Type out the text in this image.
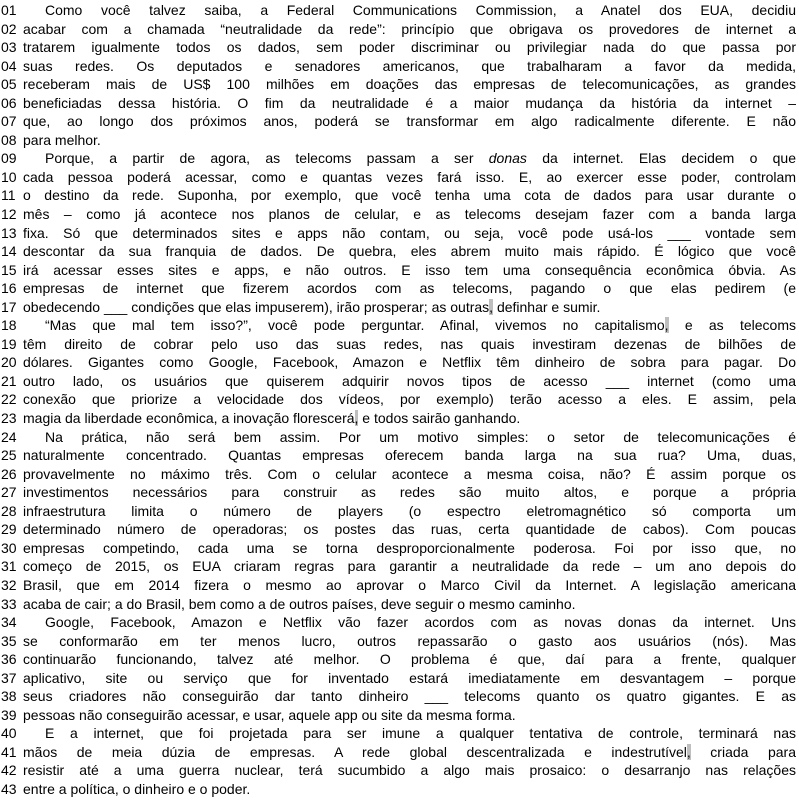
01	Como você talvez saiba, a Federal Communications Commission, a Anatel dos EUA, decidiu
02 acabar com a chamada “neutralidade da rede”: princípio que obrigava os provedores de internet a
03 tratarem igualmente todos os dados, sem poder discriminar ou privilegiar nada do que passa por
04 suas redes. Os deputados e senadores americanos, que trabalharam a favor da medida,
05 receberam mais de US$ 100 milhões em doações das empresas de telecomunicações, as grandes
06 beneficiadas dessa história. O fim da neutralidade é a maior mudança da história da internet –
07 que, ao longo dos próximos anos, poderá se transformar em algo radicalmente diferente. E não
08 para melhor.
09	Porque, a partir de agora, as telecoms passam a ser donas da internet. Elas decidem o que
10 cada pessoa poderá acessar, como e quantas vezes fará isso. E, ao exercer esse poder, controlam
11 o destino da rede. Suponha, por exemplo, que você tenha uma cota de dados para usar durante o
12 mês – como já acontece nos planos de celular, e as telecoms desejam fazer com a banda larga
13 fixa. Só que determinados sites e apps não contam, ou seja, você pode usá-los ___ vontade sem
14 descontar da sua franquia de dados. De quebra, eles abrem muito mais rápido. É lógico que você
15 irá acessar esses sites e apps, e não outros. E isso tem uma consequência econômica óbvia. As
16 empresas de internet que fizerem acordos com as telecoms, pagando o que elas pedirem (e
17 obedecendo ___ condições que elas impuserem), irão prosperar; as outras, definhar e sumir.
18	“Mas que mal tem isso?”, você pode perguntar. Afinal, vivemos no capitalismo, e as telecoms
19 têm direito de cobrar pelo uso das suas redes, nas quais investiram dezenas de bilhões de
20 dólares. Gigantes como Google, Facebook, Amazon e Netflix têm dinheiro de sobra para pagar. Do
21 outro lado, os usuários que quiserem adquirir novos tipos de acesso ___ internet (como uma
22 conexão que priorize a velocidade dos vídeos, por exemplo) terão acesso a eles. E assim, pela
23 magia da liberdade econômica, a inovação florescerá, e todos sairão ganhando.
24	Na prática, não será bem assim. Por um motivo simples: o setor de telecomunicações é
25 naturalmente concentrado. Quantas empresas oferecem banda larga na sua rua? Uma, duas,
26 provavelmente no máximo três. Com o celular acontece a mesma coisa, não? É assim porque os
27 investimentos necessários para construir as redes são muito altos, e porque a própria
28 infraestrutura limita o número de players (o espectro eletromagnético só comporta um
29 determinado número de operadoras; os postes das ruas, certa quantidade de cabos). Com poucas
30 empresas competindo, cada uma se torna desproporcionalmente poderosa. Foi por isso que, no
31 começo de 2015, os EUA criaram regras para garantir a neutralidade da rede – um ano depois do
32 Brasil, que em 2014 fizera o mesmo ao aprovar o Marco Civil da Internet. A legislação americana
33 acaba de cair; a do Brasil, bem como a de outros países, deve seguir o mesmo caminho.
34	Google, Facebook, Amazon e Netflix vão fazer acordos com as novas donas da internet. Uns
35 se conformarão em ter menos lucro, outros repassarão o gasto aos usuários (nós). Mas
36 continuarão funcionando, talvez até melhor. O problema é que, daí para a frente, qualquer
37 aplicativo, site ou serviço que for inventado estará imediatamente em desvantagem – porque
38 seus criadores não conseguirão dar tanto dinheiro ___ telecoms quanto os quatro gigantes. E as
39 pessoas não conseguirão acessar, e usar, aquele app ou site da mesma forma.
40	E a internet, que foi projetada para ser imune a qualquer tentativa de controle, terminará nas
41 mãos de meia dúzia de empresas. A rede global descentralizada e indestrutível, criada para
42 resistir até a uma guerra nuclear, terá sucumbido a algo mais prosaico: o desarranjo nas relações
43 entre a política, o dinheiro e o poder.
